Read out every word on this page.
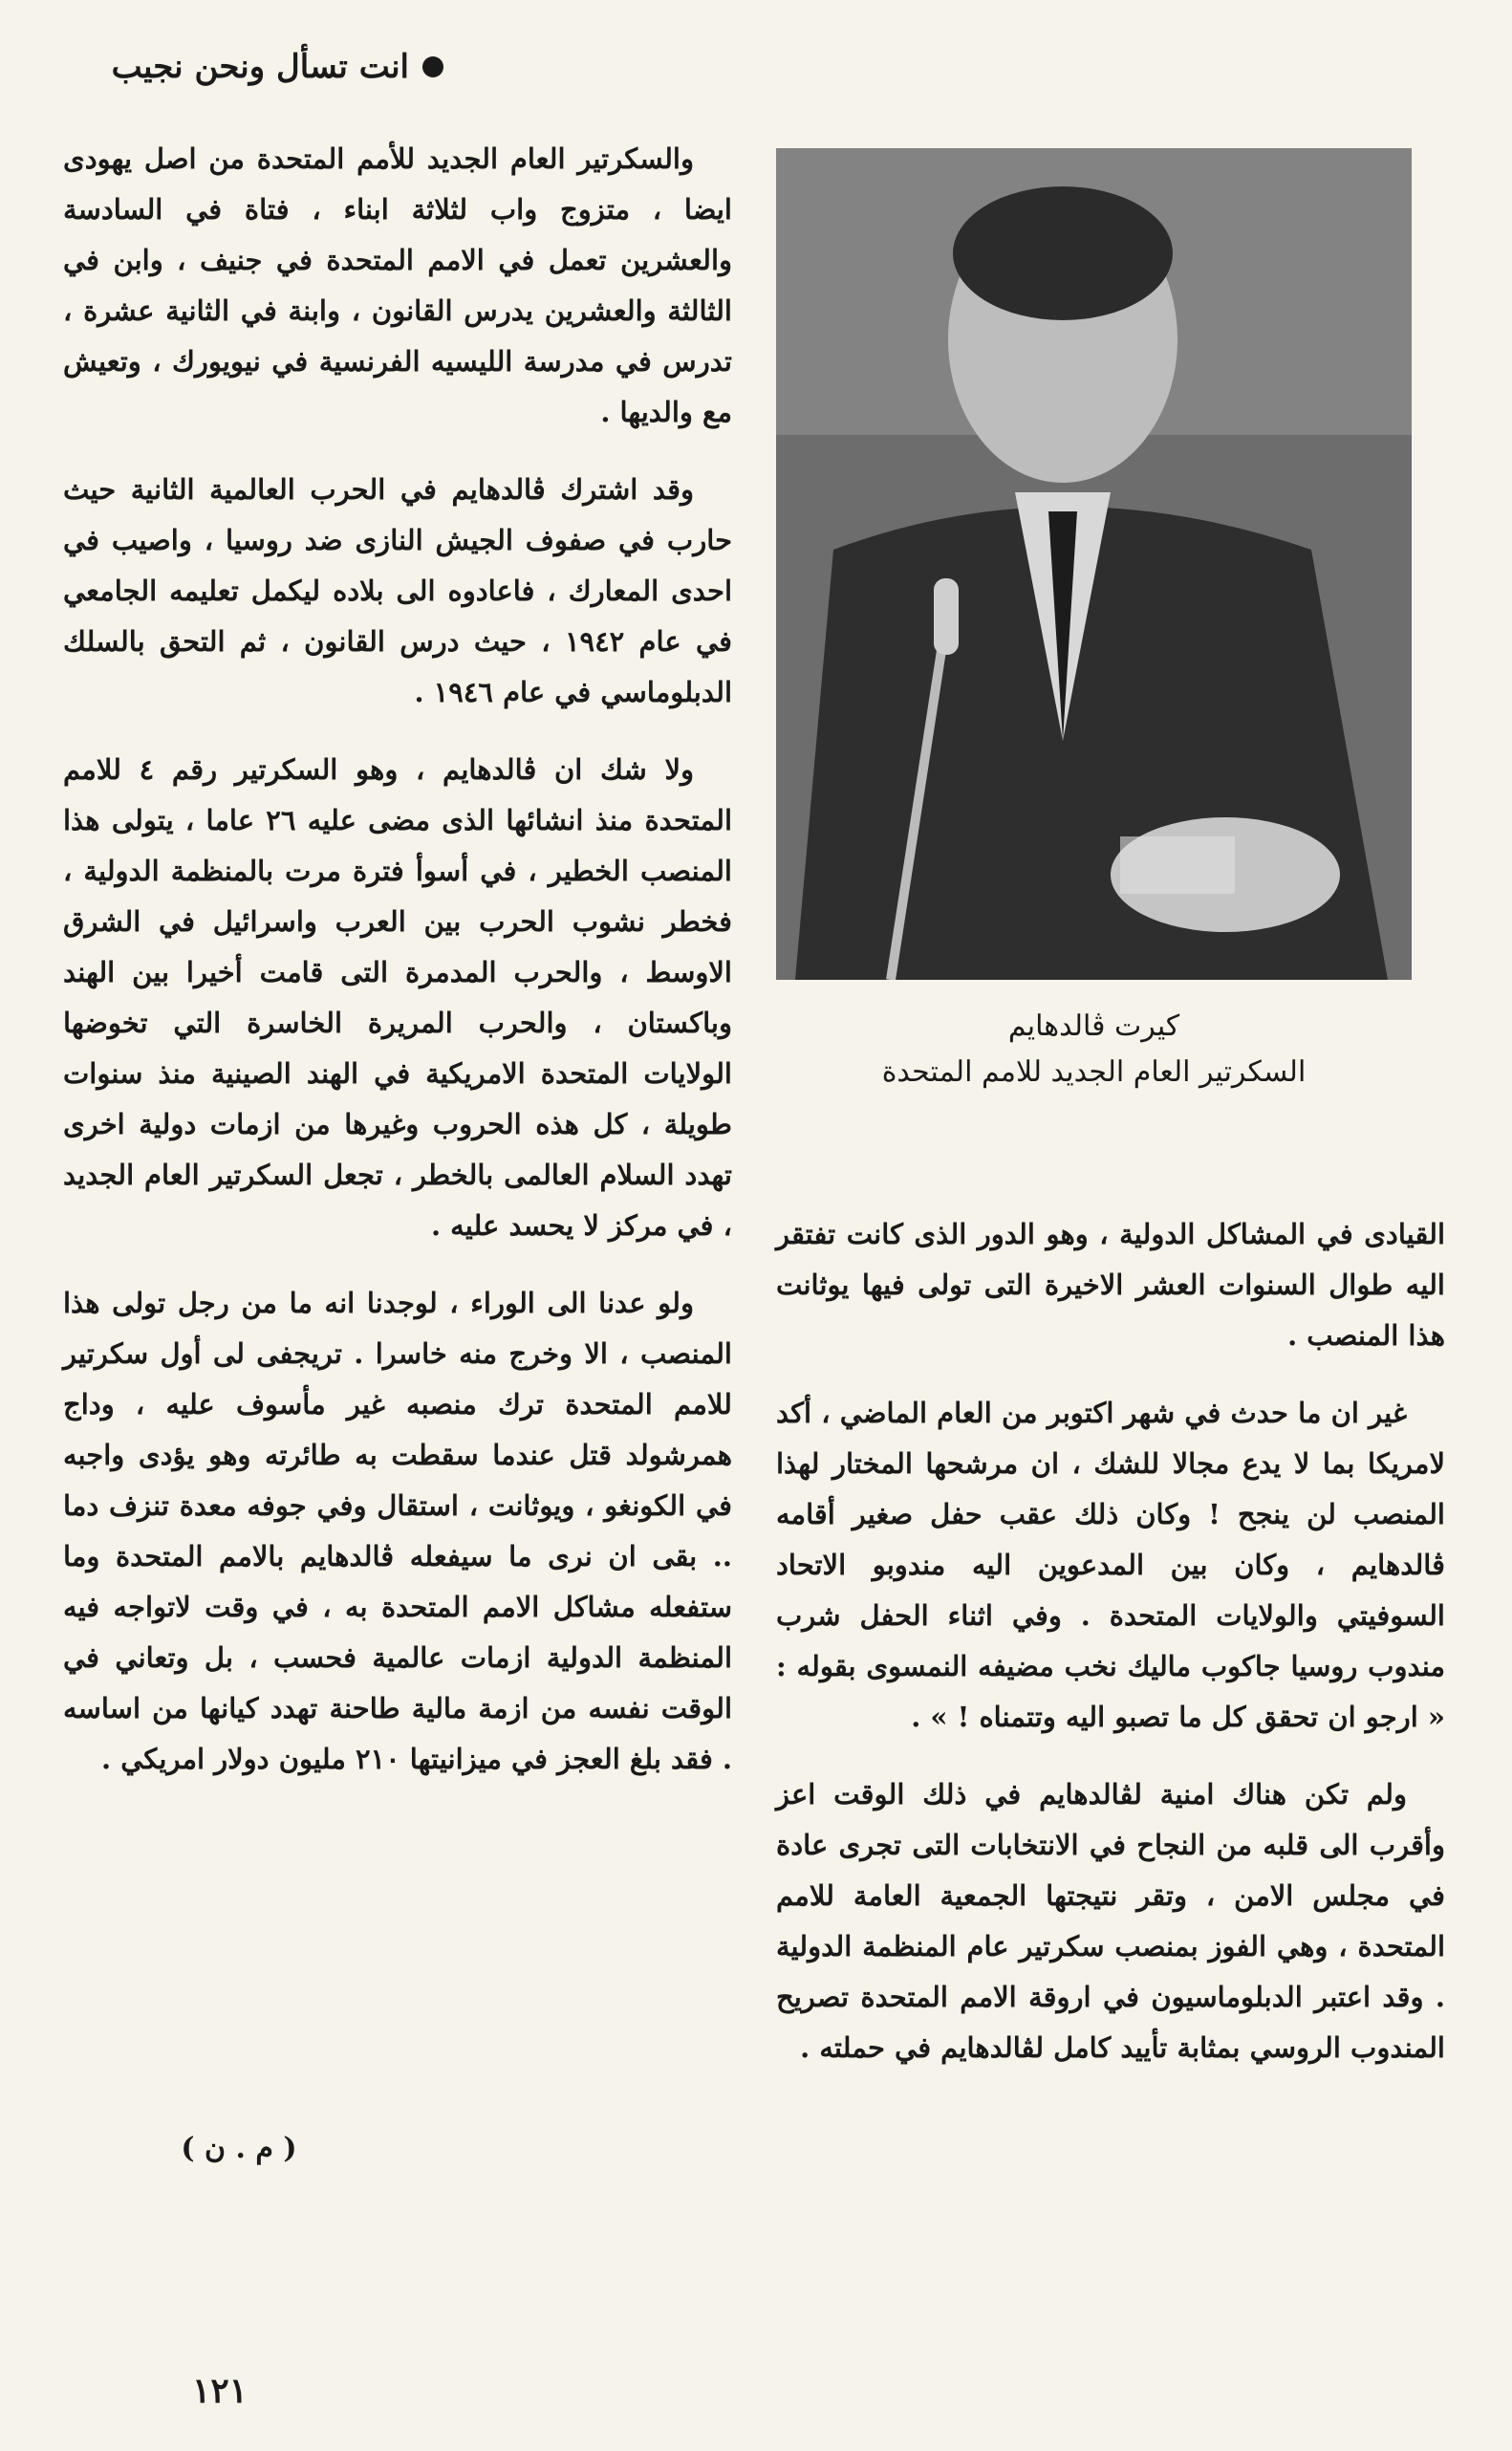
انت تسأل ونحن نجيب

والسكرتير العام الجديد للأمم المتحدة من اصل يهودى ايضا ، متزوج واب لثلاثة ابناء ، فتاة في السادسة والعشرين تعمل في الامم المتحدة في جنيف ، وابن في الثالثة والعشرين يدرس القانون ، وابنة في الثانية عشرة ، تدرس في مدرسة الليسيه الفرنسية في نيويورك ، وتعيش مع والديها .

وقد اشترك ڤالدهايم في الحرب العالمية الثانية حيث حارب في صفوف الجيش النازى ضد روسيا ، واصيب في احدى المعارك ، فاعادوه الى بلاده ليكمل تعليمه الجامعي في عام ١٩٤٢ ، حيث درس القانون ، ثم التحق بالسلك الدبلوماسي في عام ١٩٤٦ .

ولا شك ان ڤالدهايم ، وهو السكرتير رقم ٤ للامم المتحدة منذ انشائها الذى مضى عليه ٢٦ عاما ، يتولى هذا المنصب الخطير ، في أسوأ فترة مرت بالمنظمة الدولية ، فخطر نشوب الحرب بين العرب واسرائيل في الشرق الاوسط ، والحرب المدمرة التى قامت أخيرا بين الهند وباكستان ، والحرب المريرة الخاسرة التي تخوضها الولايات المتحدة الامريكية في الهند الصينية منذ سنوات طويلة ، كل هذه الحروب وغيرها من ازمات دولية اخرى تهدد السلام العالمى بالخطر ، تجعل السكرتير العام الجديد ، في مركز لا يحسد عليه .

ولو عدنا الى الوراء ، لوجدنا انه ما من رجل تولى هذا المنصب ، الا وخرج منه خاسرا . تريجفى لى أول سكرتير للامم المتحدة ترك منصبه غير مأسوف عليه ، وداج همرشولد قتل عندما سقطت به طائرته وهو يؤدى واجبه في الكونغو ، ويوثانت ، استقال وفي جوفه معدة تنزف دما .. بقى ان نرى ما سيفعله ڤالدهايم بالامم المتحدة وما ستفعله مشاكل الامم المتحدة به ، في وقت لاتواجه فيه المنظمة الدولية ازمات عالمية فحسب ، بل وتعاني في الوقت نفسه من ازمة مالية طاحنة تهدد كيانها من اساسه . فقد بلغ العجز في ميزانيتها ٢١٠ مليون دولار امريكي .

كيرت ڤالدهايم
السكرتير العام الجديد للامم المتحدة

القيادى في المشاكل الدولية ، وهو الدور الذى كانت تفتقر اليه طوال السنوات العشر الاخيرة التى تولى فيها يوثانت هذا المنصب .

غير ان ما حدث في شهر اكتوبر من العام الماضي ، أكد لامريكا بما لا يدع مجالا للشك ، ان مرشحها المختار لهذا المنصب لن ينجح ! وكان ذلك عقب حفل صغير أقامه ڤالدهايم ، وكان بين المدعوين اليه مندوبو الاتحاد السوفيتي والولايات المتحدة . وفي اثناء الحفل شرب مندوب روسيا جاكوب ماليك نخب مضيفه النمسوى بقوله : « ارجو ان تحقق كل ما تصبو اليه وتتمناه ! » .

ولم تكن هناك امنية لڤالدهايم في ذلك الوقت اعز وأقرب الى قلبه من النجاح في الانتخابات التى تجرى عادة في مجلس الامن ، وتقر نتيجتها الجمعية العامة للامم المتحدة ، وهي الفوز بمنصب سكرتير عام المنظمة الدولية . وقد اعتبر الدبلوماسيون في اروقة الامم المتحدة تصريح المندوب الروسي بمثابة تأييد كامل لڤالدهايم في حملته .

( م . ن )
١٢١
